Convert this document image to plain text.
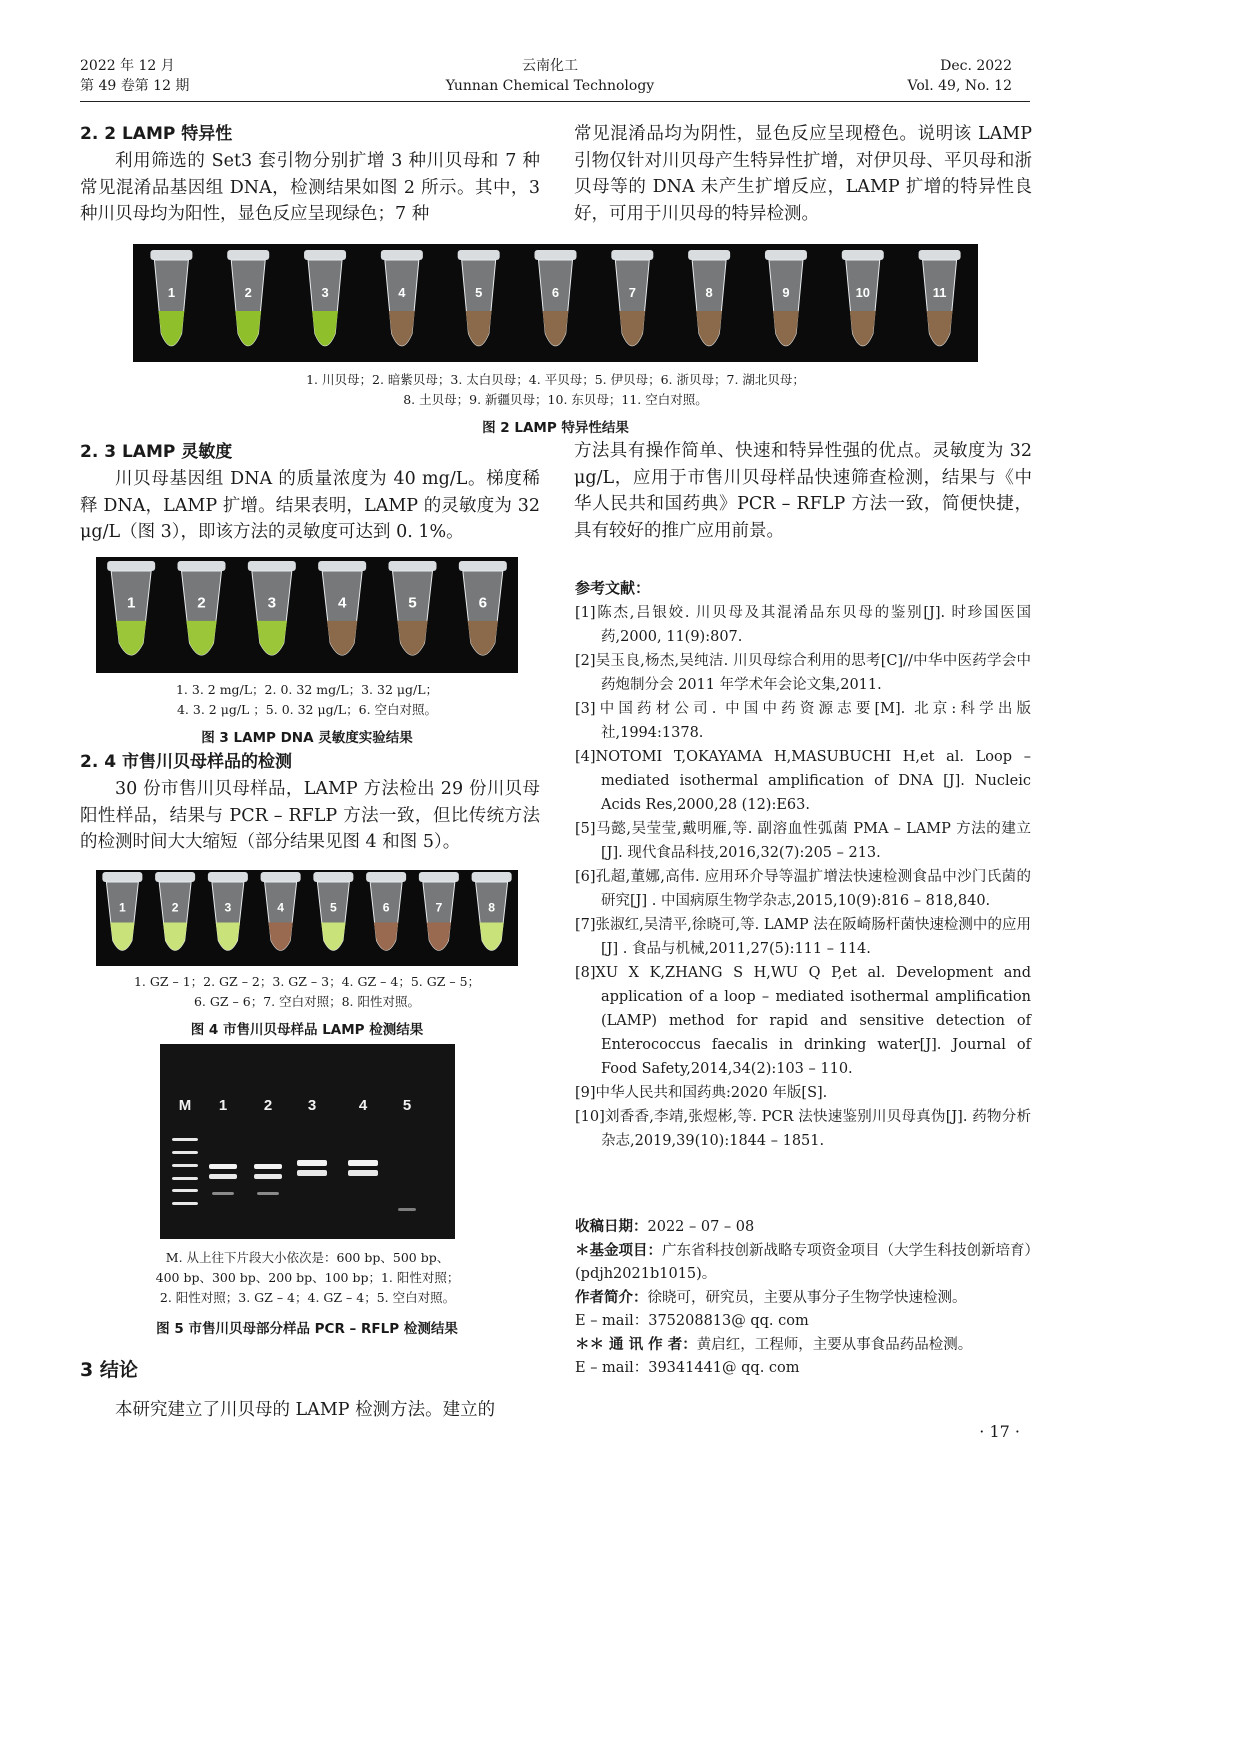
2022 年 12 月
第 49 卷第 12 期
云南化工
Yunnan Chemical Technology
Dec. 2022
Vol. 49, No. 12
2. 2 LAMP 特异性

利用筛选的 Set3 套引物分别扩增 3 种川贝母和 7 种常见混淆品基因组 DNA，检测结果如图 2 所示。其中，3 种川贝母均为阳性，显色反应呈现绿色；7 种

常见混淆品均为阴性，显色反应呈现橙色。说明该 LAMP 引物仅针对川贝母产生特异性扩增，对伊贝母、平贝母和浙贝母等的 DNA 未产生扩增反应，LAMP 扩增的特异性良好，可用于川贝母的特异检测。

1	2	3	4	5	6	7	8	9	10	11
1. 川贝母；2. 暗紫贝母；3. 太白贝母；4. 平贝母；5. 伊贝母；6. 浙贝母；7. 湖北贝母；
8. 土贝母；9. 新疆贝母；10. 东贝母；11. 空白对照。
图 2 LAMP 特异性结果
2. 3 LAMP 灵敏度

川贝母基因组 DNA 的质量浓度为 40 mg/L。梯度稀释 DNA，LAMP 扩增。结果表明，LAMP 的灵敏度为 32 μg/L（图 3），即该方法的灵敏度可达到 0. 1%。

1	2	3	4	5	6
1. 3. 2 mg/L；2. 0. 32 mg/L；3. 32 μg/L；
4. 3. 2 μg/L ；5. 0. 32 μg/L；6. 空白对照。
图 3 LAMP DNA 灵敏度实验结果
2. 4 市售川贝母样品的检测

30 份市售川贝母样品，LAMP 方法检出 29 份川贝母阳性样品，结果与 PCR – RFLP 方法一致，但比传统方法的检测时间大大缩短（部分结果见图 4 和图 5）。

1	2	3	4	5	6	7	8
1. GZ – 1；2. GZ – 2；3. GZ – 3；4. GZ – 4；5. GZ – 5；
6. GZ – 6；7. 空白对照；8. 阳性对照。
图 4 市售川贝母样品 LAMP 检测结果
M 1 2 3	4 5
M. 从上往下片段大小依次是：600 bp、500 bp、
400 bp、300 bp、200 bp、100 bp；1. 阳性对照；
2. 阳性对照；3. GZ – 4；4. GZ – 4；5. 空白对照。
图 5 市售川贝母部分样品 PCR – RFLP 检测结果
3 结论

本研究建立了川贝母的 LAMP 检测方法。建立的

方法具有操作简单、快速和特异性强的优点。灵敏度为 32 μg/L，应用于市售川贝母样品快速筛查检测，结果与《中华人民共和国药典》PCR – RFLP 方法一致，简便快捷，具有较好的推广应用前景。

参考文献：
[1]陈杰,吕银姣. 川贝母及其混淆品东贝母的鉴别[J]. 时珍国医国药,2000, 11(9):807.
[2]吴玉良,杨杰,吴纯洁. 川贝母综合利用的思考[C]//中华中医药学会中药炮制分会 2011 年学术年会论文集,2011.
[3]中国药材公司. 中国中药资源志要[M]. 北京:科学出版社,1994:1378.
[4]NOTOMI T,OKAYAMA H,MASUBUCHI H,et al. Loop – mediated isothermal amplification of DNA [J]. Nucleic Acids Res,2000,28 (12):E63.
[5]马懿,吴莹莹,戴明雁,等. 副溶血性弧菌 PMA – LAMP 方法的建立[J]. 现代食品科技,2016,32(7):205 – 213.
[6]孔超,董娜,高伟. 应用环介导等温扩增法快速检测食品中沙门氏菌的研究[J] . 中国病原生物学杂志,2015,10(9):816 – 818,840.
[7]张淑红,吴清平,徐晓可,等. LAMP 法在阪崎肠杆菌快速检测中的应用[J] . 食品与机械,2011,27(5):111 – 114.
[8]XU X K,ZHANG S H,WU Q P,et al. Development and application of a loop – mediated isothermal amplification (LAMP) method for rapid and sensitive detection of Enterococcus faecalis in drinking water[J]. Journal of Food Safety,2014,34(2):103 – 110.
[9]中华人民共和国药典:2020 年版[S].
[10]刘香香,李靖,张煜彬,等. PCR 法快速鉴别川贝母真伪[J]. 药物分析杂志,2019,39(10):1844 – 1851.
收稿日期：2022 – 07 – 08
＊基金项目：广东省科技创新战略专项资金项目（大学生科技创新培育）(pdjh2021b1015)。
作者简介：徐晓可，研究员，主要从事分子生物学快速检测。
E – mail：375208813@ qq. com
＊＊ 通 讯 作 者：黄启红，工程师，主要从事食品药品检测。
E – mail：39341441@ qq. com
· 17 ·
